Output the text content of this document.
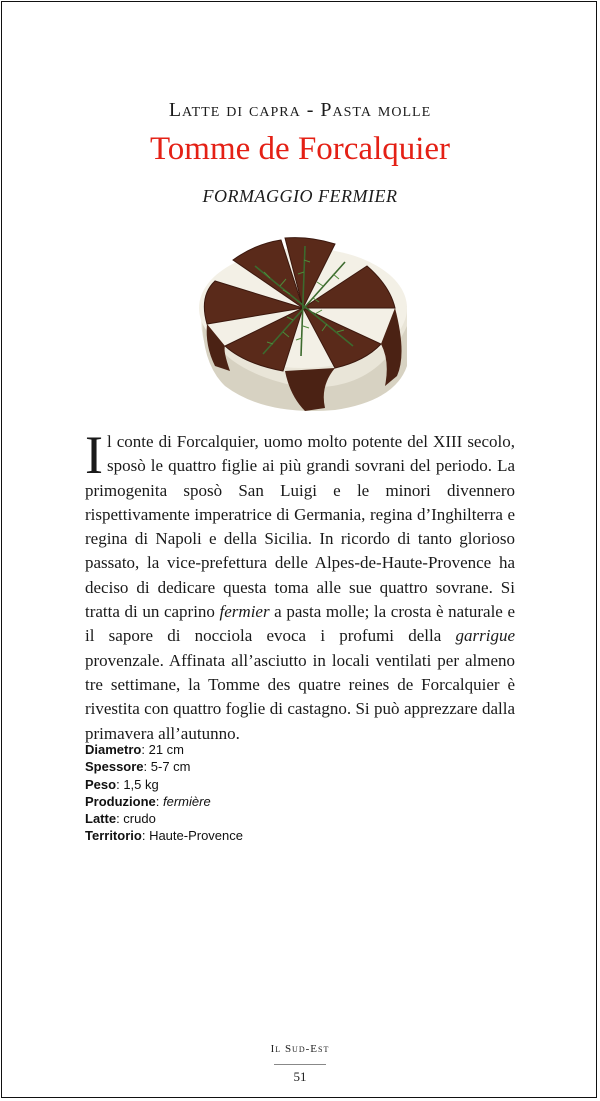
Latte di capra - Pasta molle
Tomme de Forcalquier
FORMAGGIO FERMIER
Il conte di Forcalquier, uomo molto potente del XIII secolo, sposò le quattro figlie ai più grandi sovrani del periodo. La primogenita sposò San Luigi e le minori divennero rispettivamente imperatrice di Germania, regina d’Inghilterra e regina di Napoli e della Sicilia. In ricordo di tanto glorioso passato, la vice-prefettura delle Alpes-de-Haute-Provence ha deciso di dedicare questa toma alle sue quattro sovrane. Si tratta di un caprino fermier a pasta molle; la crosta è naturale e il sapore di nocciola evoca i profumi della garrigue provenzale. Affinata all’asciutto in locali ventilati per almeno tre settimane, la Tomme des quatre reines de Forcalquier è rivestita con quattro foglie di castagno. Si può apprezzare dalla primavera all’autunno.
Diametro: 21 cm
Spessore: 5-7 cm
Peso: 1,5 kg
Produzione: fermière
Latte: crudo
Territorio: Haute-Provence
Il Sud-Est
51
